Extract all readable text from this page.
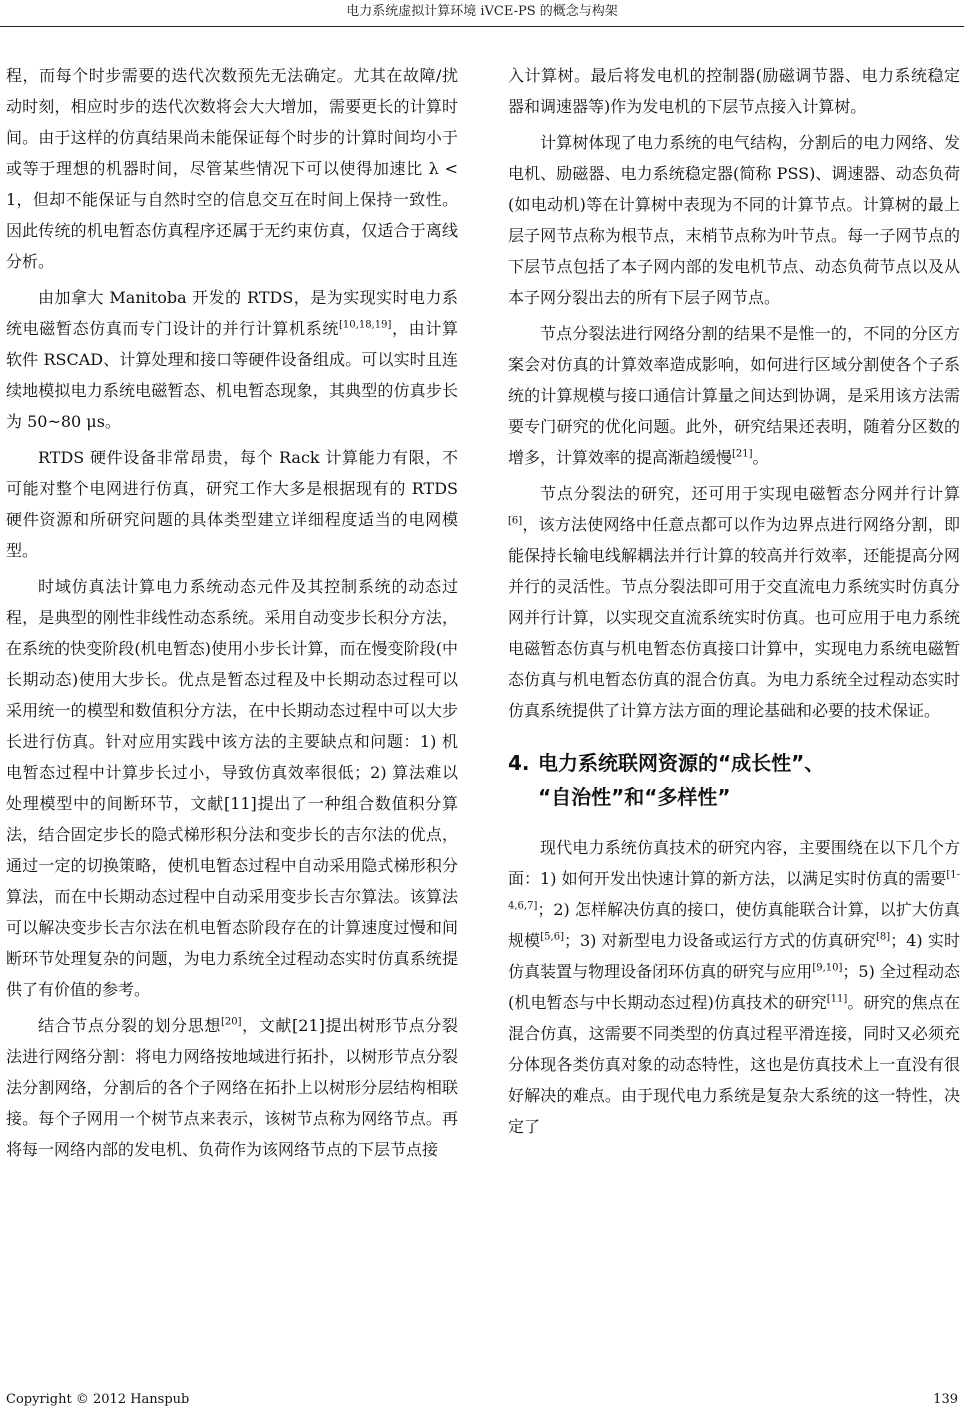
电力系统虚拟计算环境 iVCE-PS 的概念与构架

程，而每个时步需要的迭代次数预先无法确定。尤其在故障/扰动时刻，相应时步的迭代次数将会大大增加，需要更长的计算时间。由于这样的仿真结果尚未能保证每个时步的计算时间均小于或等于理想的机器时间，尽管某些情况下可以使得加速比 λ < 1，但却不能保证与自然时空的信息交互在时间上保持一致性。因此传统的机电暂态仿真程序还属于无约束仿真，仅适合于离线分析。

由加拿大 Manitoba 开发的 RTDS，是为实现实时电力系统电磁暂态仿真而专门设计的并行计算机系统[10,18,19]，由计算软件 RSCAD、计算处理和接口等硬件设备组成。可以实时且连续地模拟电力系统电磁暂态、机电暂态现象，其典型的仿真步长为 50~80 μs。

RTDS 硬件设备非常昂贵，每个 Rack 计算能力有限，不可能对整个电网进行仿真，研究工作大多是根据现有的 RTDS 硬件资源和所研究问题的具体类型建立详细程度适当的电网模型。

时域仿真法计算电力系统动态元件及其控制系统的动态过程，是典型的刚性非线性动态系统。采用自动变步长积分方法，在系统的快变阶段(机电暂态)使用小步长计算，而在慢变阶段(中长期动态)使用大步长。优点是暂态过程及中长期动态过程可以采用统一的模型和数值积分方法，在中长期动态过程中可以大步长进行仿真。针对应用实践中该方法的主要缺点和问题：1) 机电暂态过程中计算步长过小，导致仿真效率很低；2) 算法难以处理模型中的间断环节，文献[11]提出了一种组合数值积分算法，结合固定步长的隐式梯形积分法和变步长的吉尔法的优点，通过一定的切换策略，使机电暂态过程中自动采用隐式梯形积分算法，而在中长期动态过程中自动采用变步长吉尔算法。该算法可以解决变步长吉尔法在机电暂态阶段存在的计算速度过慢和间断环节处理复杂的问题，为电力系统全过程动态实时仿真系统提供了有价值的参考。

结合节点分裂的划分思想[20]，文献[21]提出树形节点分裂法进行网络分割：将电力网络按地域进行拓扑，以树形节点分裂法分割网络，分割后的各个子网络在拓扑上以树形分层结构相联接。每个子网用一个树节点来表示，该树节点称为网络节点。再将每一网络内部的发电机、负荷作为该网络节点的下层节点接

入计算树。最后将发电机的控制器(励磁调节器、电力系统稳定器和调速器等)作为发电机的下层节点接入计算树。

计算树体现了电力系统的电气结构，分割后的电力网络、发电机、励磁器、电力系统稳定器(简称 PSS)、调速器、动态负荷(如电动机)等在计算树中表现为不同的计算节点。计算树的最上层子网节点称为根节点，末梢节点称为叶节点。每一子网节点的下层节点包括了本子网内部的发电机节点、动态负荷节点以及从本子网分裂出去的所有下层子网节点。

节点分裂法进行网络分割的结果不是惟一的，不同的分区方案会对仿真的计算效率造成影响，如何进行区域分割使各个子系统的计算规模与接口通信计算量之间达到协调，是采用该方法需要专门研究的优化问题。此外，研究结果还表明，随着分区数的增多，计算效率的提高渐趋缓慢[21]。

节点分裂法的研究，还可用于实现电磁暂态分网并行计算[6]，该方法使网络中任意点都可以作为边界点进行网络分割，即能保持长输电线解耦法并行计算的较高并行效率，还能提高分网并行的灵活性。节点分裂法即可用于交直流电力系统实时仿真分网并行计算，以实现交直流系统实时仿真。也可应用于电力系统电磁暂态仿真与机电暂态仿真接口计算中，实现电力系统电磁暂态仿真与机电暂态仿真的混合仿真。为电力系统全过程动态实时仿真系统提供了计算方法方面的理论基础和必要的技术保证。

4. 电力系统联网资源的“成长性”、
“自治性”和“多样性”

现代电力系统仿真技术的研究内容，主要围绕在以下几个方面：1) 如何开发出快速计算的新方法，以满足实时仿真的需要[1-4,6,7]；2) 怎样解决仿真的接口，使仿真能联合计算，以扩大仿真规模[5,6]；3) 对新型电力设备或运行方式的仿真研究[8]；4) 实时仿真装置与物理设备闭环仿真的研究与应用[9,10]；5) 全过程动态(机电暂态与中长期动态过程)仿真技术的研究[11]。研究的焦点在混合仿真，这需要不同类型的仿真过程平滑连接，同时又必须充分体现各类仿真对象的动态特性，这也是仿真技术上一直没有很好解决的难点。由于现代电力系统是复杂大系统的这一特性，决定了

Copyright © 2012 Hanspub	139
